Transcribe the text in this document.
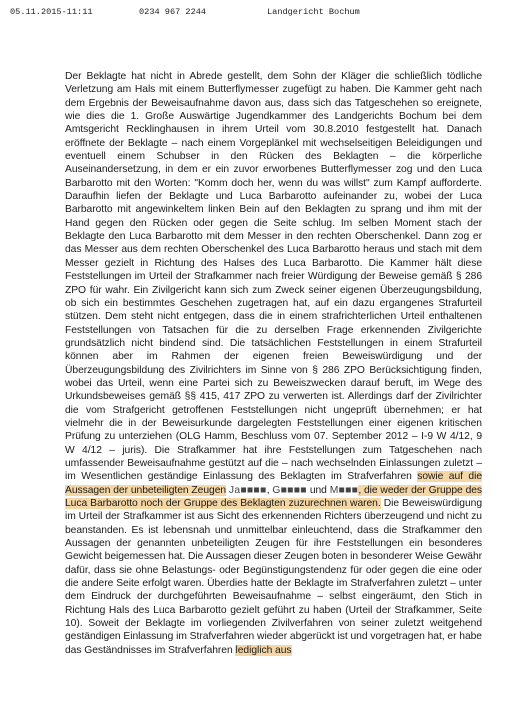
05.11.2015-11:11	0234 967 2244	Landgericht Bochum

Der Beklagte hat nicht in Abrede gestellt, dem Sohn der Kläger die schließlich tödliche Verletzung am Hals mit einem Butterflymesser zugefügt zu haben. Die Kammer geht nach dem Ergebnis der Beweisaufnahme davon aus, dass sich das Tatgeschehen so ereignete, wie dies die 1. Große Auswärtige Jugendkammer des Landgerichts Bochum bei dem Amtsgericht Recklinghausen in ihrem Urteil vom 30.8.2010 festgestellt hat. Danach eröffnete der Beklagte – nach einem Vorgeplänkel mit wechselseitigen Beleidigungen und eventuell einem Schubser in den Rücken des Beklagten – die körperliche Auseinandersetzung, in dem er ein zuvor erworbenes Butterflymesser zog und den Luca Barbarotto mit den Worten: "Komm doch her, wenn du was willst" zum Kampf aufforderte. Daraufhin liefen der Beklagte und Luca Barbarotto aufeinander zu, wobei der Luca Barbarotto mit angewinkeltem linken Bein auf den Beklagten zu sprang und ihm mit der Hand gegen den Rücken oder gegen die Seite schlug. Im selben Moment stach der Beklagte den Luca Barbarotto mit dem Messer in den rechten Oberschenkel. Dann zog er das Messer aus dem rechten Oberschenkel des Luca Barbarotto heraus und stach mit dem Messer gezielt in Richtung des Halses des Luca Barbarotto. Die Kammer hält diese Feststellungen im Urteil der Strafkammer nach freier Würdigung der Beweise gemäß § 286 ZPO für wahr. Ein Zivilgericht kann sich zum Zweck seiner eigenen Überzeugungsbildung, ob sich ein bestimmtes Geschehen zugetragen hat, auf ein dazu ergangenes Strafurteil stützen. Dem steht nicht entgegen, dass die in einem strafrichterlichen Urteil enthaltenen Feststellungen von Tatsachen für die zu derselben Frage erkennenden Zivilgerichte grundsätzlich nicht bindend sind. Die tatsächlichen Feststellungen in einem Strafurteil können aber im Rahmen der eigenen freien Beweiswürdigung und der Überzeugungsbildung des Zivilrichters im Sinne von § 286 ZPO Berücksichtigung finden, wobei das Urteil, wenn eine Partei sich zu Beweiszwecken darauf beruft, im Wege des Urkundsbeweises gemäß §§ 415, 417 ZPO zu verwerten ist. Allerdings darf der Zivilrichter die vom Strafgericht getroffenen Feststellungen nicht ungeprüft übernehmen; er hat vielmehr die in der Beweisurkunde dargelegten Feststellungen einer eigenen kritischen Prüfung zu unterziehen (OLG Hamm, Beschluss vom 07. September 2012 – I-9 W 4/12, 9 W 4/12 – juris). Die Strafkammer hat ihre Feststellungen zum Tatgeschehen nach umfassender Beweisaufnahme gestützt auf die – nach wechselnden Einlassungen zuletzt – im Wesentlichen geständige Einlassung des Beklagten im Strafverfahren sowie auf die Aussagen der unbeteiligten Zeugen Ja■■■■, G■■■■ und M■■■, die weder der Gruppe des Luca Barbarotto noch der Gruppe des Beklagten zuzurechnen waren. Die Beweiswürdigung im Urteil der Strafkammer ist aus Sicht des erkennenden Richters überzeugend und nicht zu beanstanden. Es ist lebensnah und unmittelbar einleuchtend, dass die Strafkammer den Aussagen der genannten unbeteiligten Zeugen für ihre Feststellungen ein besonderes Gewicht beigemessen hat. Die Aussagen dieser Zeugen boten in besonderer Weise Gewähr dafür, dass sie ohne Belastungs- oder Begünstigungstendenz für oder gegen die eine oder die andere Seite erfolgt waren. Überdies hatte der Beklagte im Strafverfahren zuletzt – unter dem Eindruck der durchgeführten Beweisaufnahme – selbst eingeräumt, den Stich in Richtung Hals des Luca Barbarotto gezielt geführt zu haben (Urteil der Strafkammer, Seite 10). Soweit der Beklagte im vorliegenden Zivilverfahren von seiner zuletzt weitgehend geständigen Einlassung im Strafverfahren wieder abgerückt ist und vorgetragen hat, er habe das Geständnisses im Strafverfahren lediglich aus
